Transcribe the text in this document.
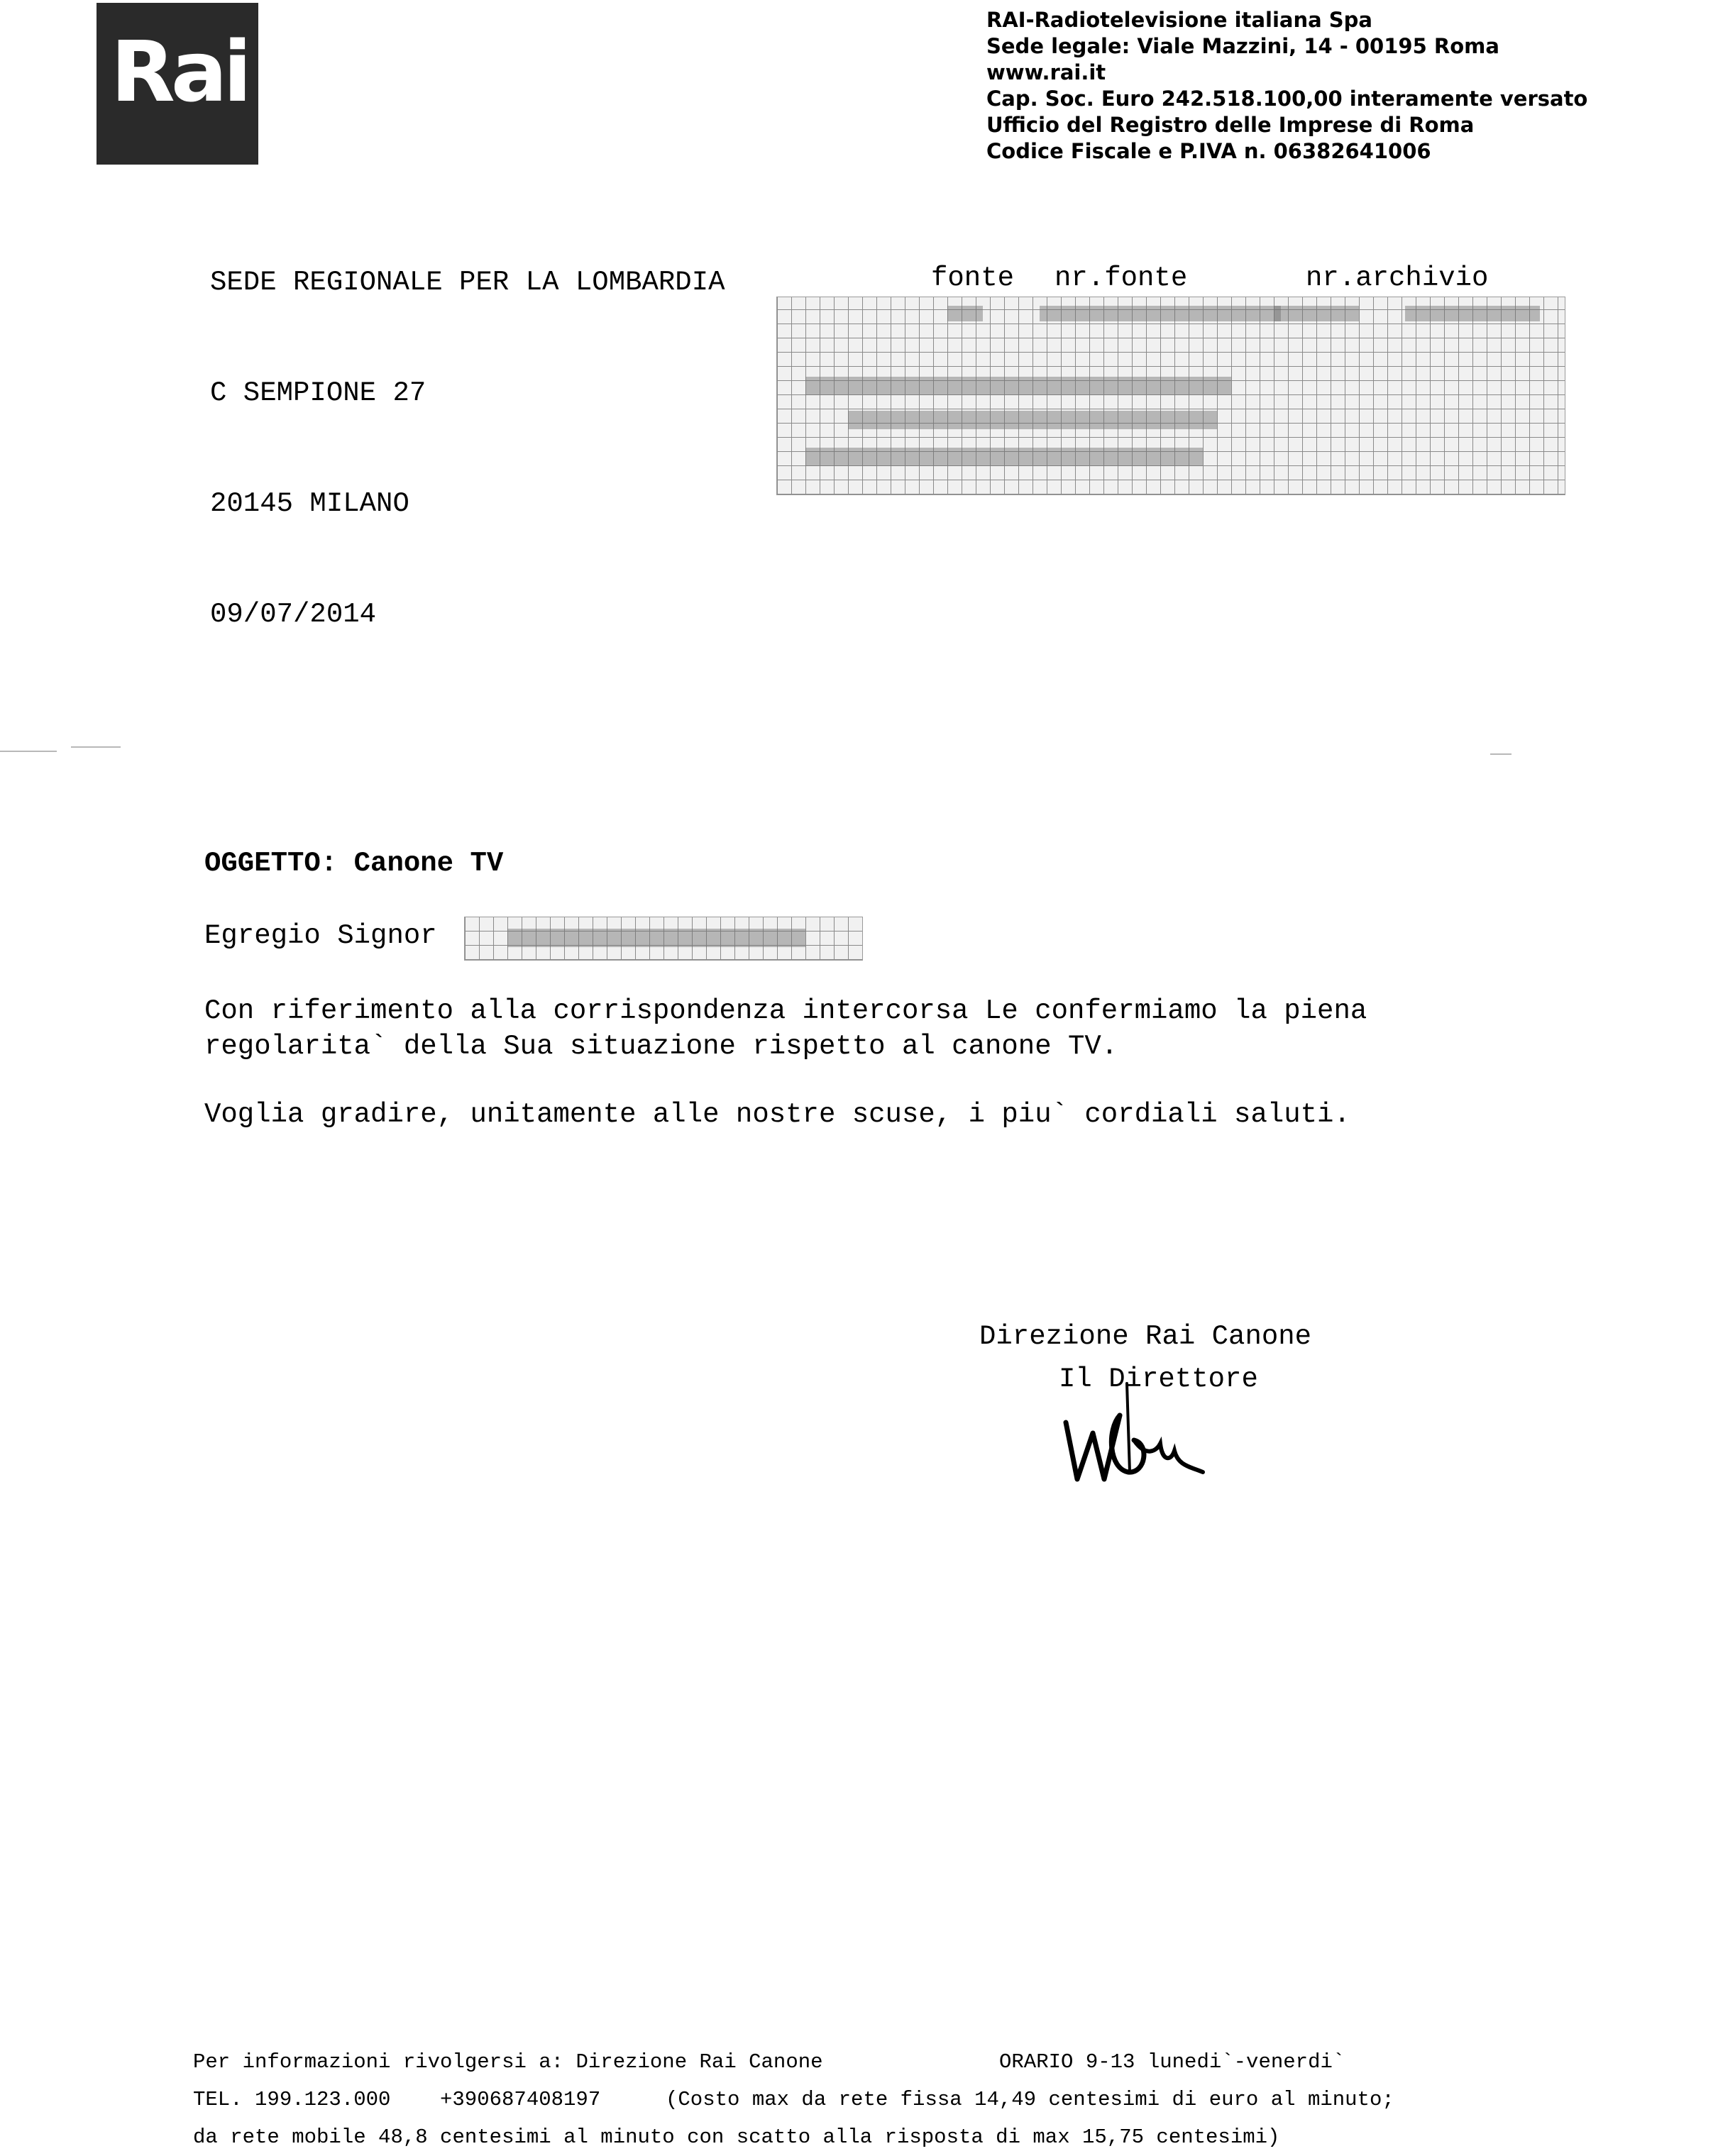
Rai
RAI-Radiotelevisione italiana Spa
Sede legale: Viale Mazzini, 14 - 00195 Roma
www.rai.it
Cap. Soc. Euro 242.518.100,00 interamente versato
Ufficio del Registro delle Imprese di Roma
Codice Fiscale e P.IVA n. 06382641006

SEDE REGIONALE PER LA LOMBARDIA

C SEMPIONE 27

20145 MILANO

09/07/2014

fonte nr.fonte	nr.archivio
OGGETTO: Canone TV
Egregio Signor
Con riferimento alla corrispondenza intercorsa Le confermiamo la piena
regolarita` della Sua situazione rispetto al canone TV.
Voglia gradire, unitamente alle nostre scuse, i piu` cordiali saluti.
Direzione Rai Canone
Il Direttore
Per informazioni rivolgersi a: Direzione Rai Canone	ORARIO 9-13 lunedi`-venerdi`
TEL. 199.123.000 +390687408197	(Costo max da rete fissa 14,49 centesimi di euro al minuto;
da rete mobile 48,8 centesimi al minuto con scatto alla risposta di max 15,75 centesimi)
